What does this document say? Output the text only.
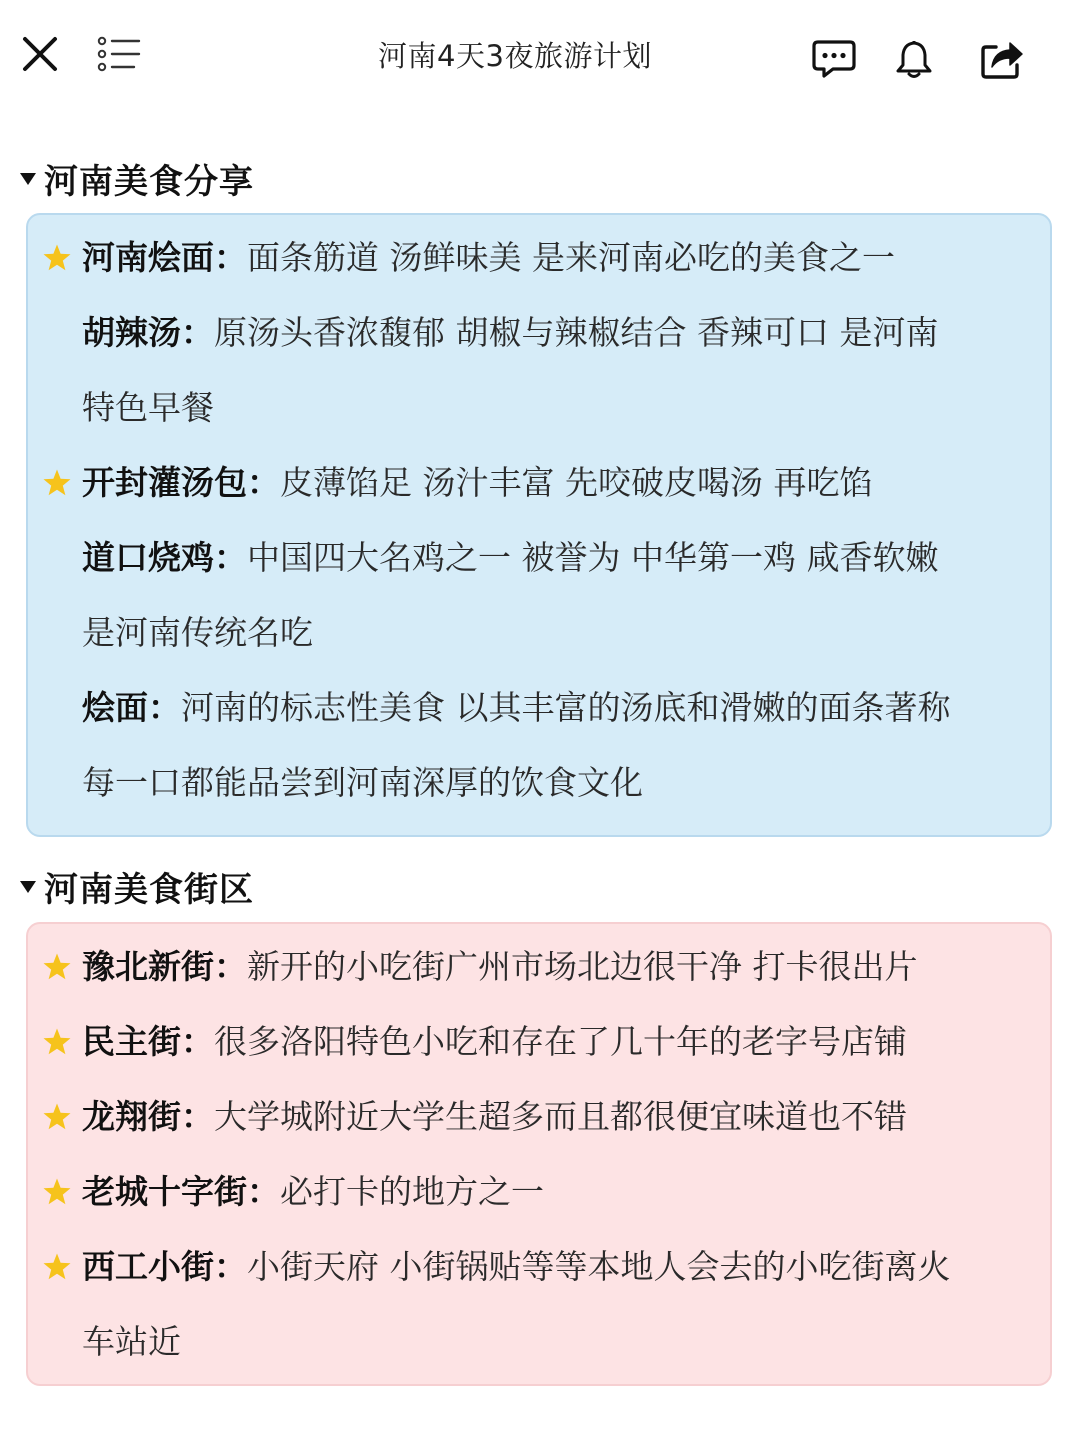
河南4天3夜旅游计划
河南美食分享
河南烩面：面条筋道 汤鲜味美 是来河南必吃的美食之一
胡辣汤：原汤头香浓馥郁 胡椒与辣椒结合 香辣可口 是河南
特色早餐
开封灌汤包：皮薄馅足 汤汁丰富 先咬破皮喝汤 再吃馅
道口烧鸡：中国四大名鸡之一 被誉为 中华第一鸡 咸香软嫩
是河南传统名吃
烩面：河南的标志性美食 以其丰富的汤底和滑嫩的面条著称
每一口都能品尝到河南深厚的饮食文化
河南美食街区
豫北新街：新开的小吃街广州市场北边很干净 打卡很出片
民主街：很多洛阳特色小吃和存在了几十年的老字号店铺
龙翔街：大学城附近大学生超多而且都很便宜味道也不错
老城十字街：必打卡的地方之一
西工小街：小街天府 小街锅贴等等本地人会去的小吃街离火
车站近
